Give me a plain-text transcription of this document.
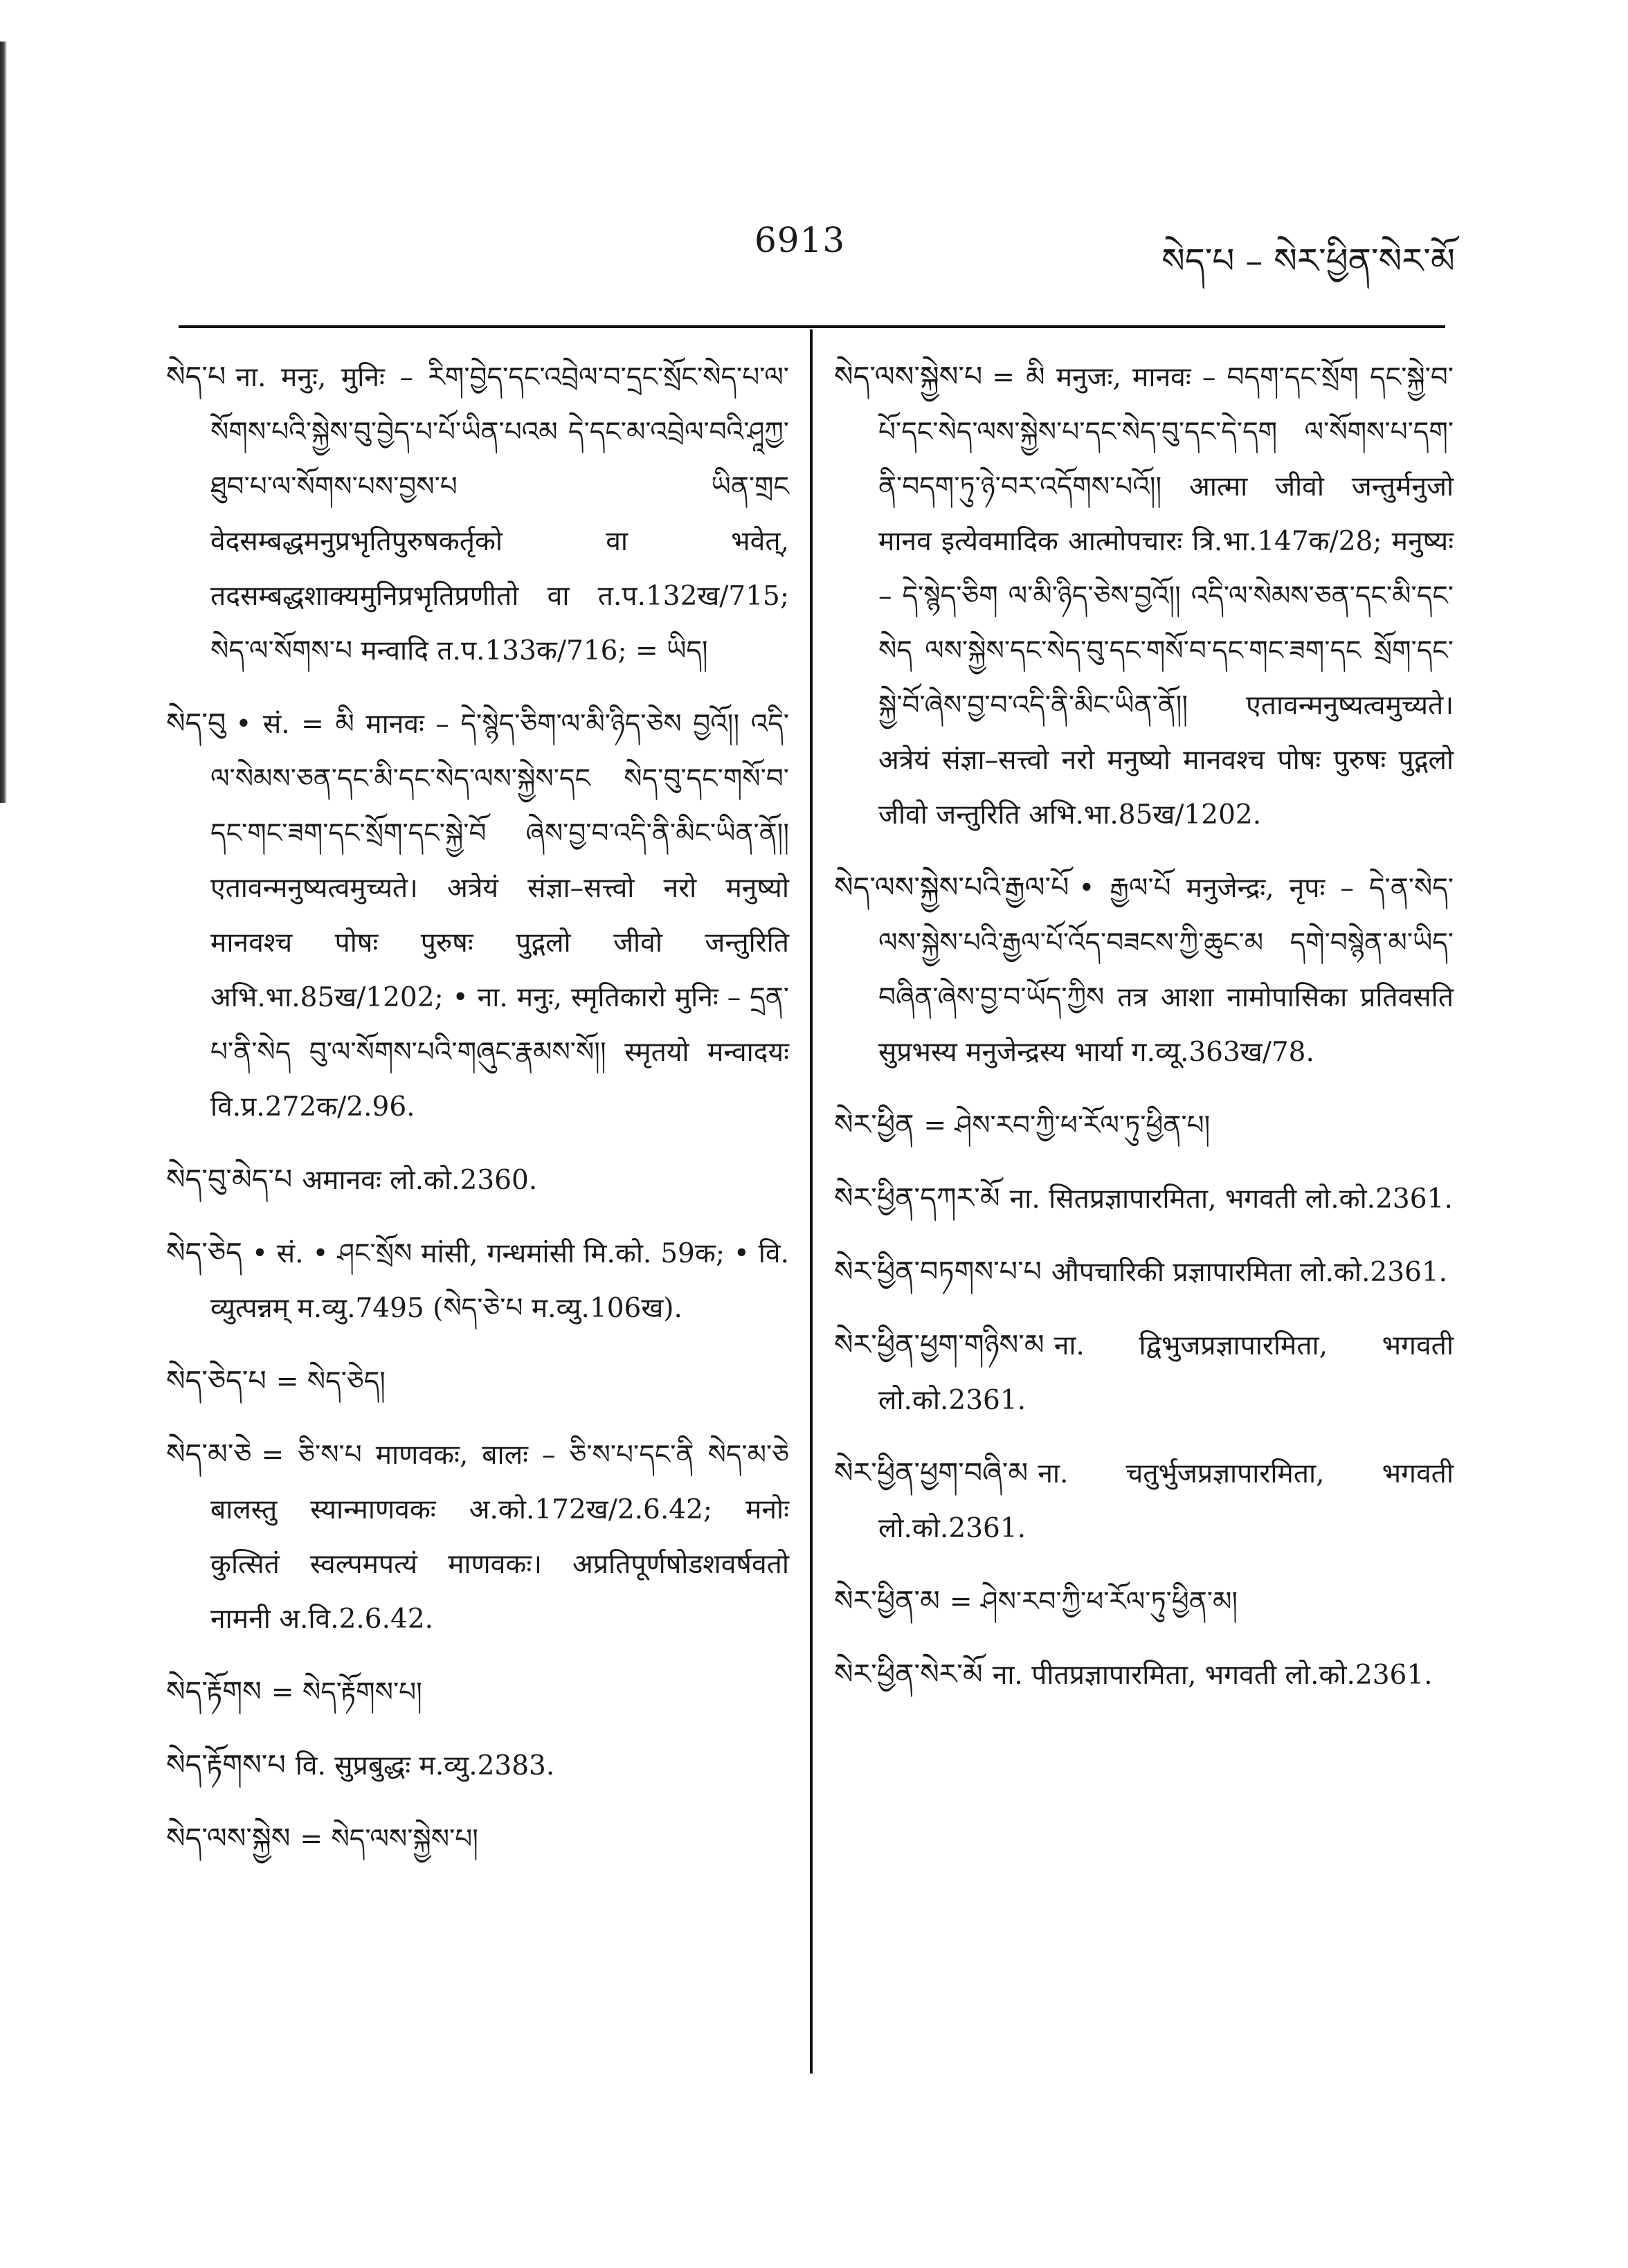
6913
སེད་པ – སེར་ཕྱིན་སེར་མོ

སེད་པ ना. मनुः, मुनिः – རིག་བྱེད་དང་འབྲེལ་བ་དྲང་སྲོང་སེད་པ་ལ་སོགས་པའི་སྐྱེས་བུ་བྱེད་པ་པོ་ཡིན་པའམ དེ་དང་མ་འབྲེལ་བའི་ཤཱཀྱ་ཐུབ་པ་ལ་སོགས་པས་བྱས་པ ཡིན་གྲང वेदसम्बद्धमनुप्रभृतिपुरुषकर्तृको वा भवेत्, तदसम्बद्धशाक्यमुनिप्रभृतिप्रणीतो वा त.प.132ख/715; སེད་ལ་སོགས་པ मन्वादि त.प.133क/716; = ཡིད།

སེད་བུ • सं. = མི मानवः – དེ་སྙེད་ཅིག་ལ་མི་ཉིད་ཅེས བྱའོ།། འདི་ལ་སེམས་ཅན་དང་མི་དང་སེད་ལས་སྐྱེས་དང སེད་བུ་དང་གསོ་བ་དང་གང་ཟག་དང་སྲོག་དང་སྐྱེ་བོ ཞེས་བྱ་བ་འདི་ནི་མིང་ཡིན་ནོ།། एतावन्मनुष्यत्वमुच्यते। अत्रेयं संज्ञा–सत्त्वो नरो मनुष्यो मानवश्च पोषः पुरुषः पुद्गलो जीवो जन्तुरिति अभि.भा.85ख/1202; • ना. मनुः, स्मृतिकारो मुनिः – དྲན་པ་ནི་སེད བུ་ལ་སོགས་པའི་གཞུང་རྣམས་སོ།། स्मृतयो मन्वादयः वि.प्र.272क/2.96.

སེད་བུ་མེད་པ अमानवः लो.को.2360.

སེད་ཅེད • सं. • ཤང་སྲོས मांसी, गन्धमांसी मि.को. 59क; • वि. व्युत्पन्नम् म.व्यु.7495 (སེད་ཅེ་པ म.व्यु.106ख).

སེད་ཅེད་པ = སེད་ཅེད།

སེད་མ་ཅེ = ཅི་ས་པ माणवकः, बालः – ཅི་ས་པ་དང་ནི སེད་མ་ཅེ बालस्तु स्यान्माणवकः अ.को.172ख/2.6.42; मनोः कुत्सितं स्वल्पमपत्यं माणवकः। अप्रतिपूर्णषोडशवर्षवतो नामनी अ.वि.2.6.42.

སེད་རྟོགས = སེད་རྟོགས་པ།

སེད་རྟོགས་པ वि. सुप्रबुद्धः म.व्यु.2383.

སེད་ལས་སྐྱེས = སེད་ལས་སྐྱེས་པ།

སེད་ལས་སྐྱེས་པ = མི मनुजः, मानवः – བདག་དང་སྲོག དང་སྐྱེ་བ་པོ་དང་སེད་ལས་སྐྱེས་པ་དང་སེད་བུ་དང་དེ་དག ལ་སོགས་པ་དག་ནི་བདག་ཏུ་ཉེ་བར་འདོགས་པའོ།། आत्मा जीवो जन्तुर्मनुजो मानव इत्येवमादिक आत्मोपचारः त्रि.भा.147क/28; मनुष्यः – དེ་སྙེད་ཅིག ལ་མི་ཉིད་ཅེས་བྱའོ།། འདི་ལ་སེམས་ཅན་དང་མི་དང་སེད ལས་སྐྱེས་དང་སེད་བུ་དང་གསོ་བ་དང་གང་ཟག་དང སྲོག་དང་སྐྱེ་བོ་ཞེས་བྱ་བ་འདི་ནི་མིང་ཡིན་ནོ།། एतावन्मनुष्यत्वमुच्यते। अत्रेयं संज्ञा–सत्त्वो नरो मनुष्यो मानवश्च पोषः पुरुषः पुद्गलो जीवो जन्तुरिति अभि.भा.85ख/1202.

སེད་ལས་སྐྱེས་པའི་རྒྱལ་པོ • རྒྱལ་པོ मनुजेन्द्रः, नृपः – དེ་ན་སེད་ལས་སྐྱེས་པའི་རྒྱལ་པོ་འོད་བཟངས་ཀྱི་ཆུང་མ དགེ་བསྙེན་མ་ཡིད་བཞིན་ཞེས་བྱ་བ་ཡོད་ཀྱིས तत्र आशा नामोपासिका प्रतिवसति सुप्रभस्य मनुजेन्द्रस्य भार्या ग.व्यू.363ख/78.

སེར་ཕྱིན = ཤེས་རབ་ཀྱི་ཕ་རོལ་ཏུ་ཕྱིན་པ།

སེར་ཕྱིན་དཀར་མོ ना. सितप्रज्ञापारमिता, भगवती लो.को.2361.

སེར་ཕྱིན་བཏགས་པ་པ औपचारिकी प्रज्ञापारमिता लो.को.2361.

སེར་ཕྱིན་ཕྱག་གཉིས་མ ना. द्विभुजप्रज्ञापारमिता, भगवती लो.को.2361.

སེར་ཕྱིན་ཕྱག་བཞི་མ ना. चतुर्भुजप्रज्ञापारमिता, भगवती लो.को.2361.

སེར་ཕྱིན་མ = ཤེས་རབ་ཀྱི་ཕ་རོལ་ཏུ་ཕྱིན་མ།

སེར་ཕྱིན་སེར་མོ ना. पीतप्रज्ञापारमिता, भगवती लो.को.2361.
